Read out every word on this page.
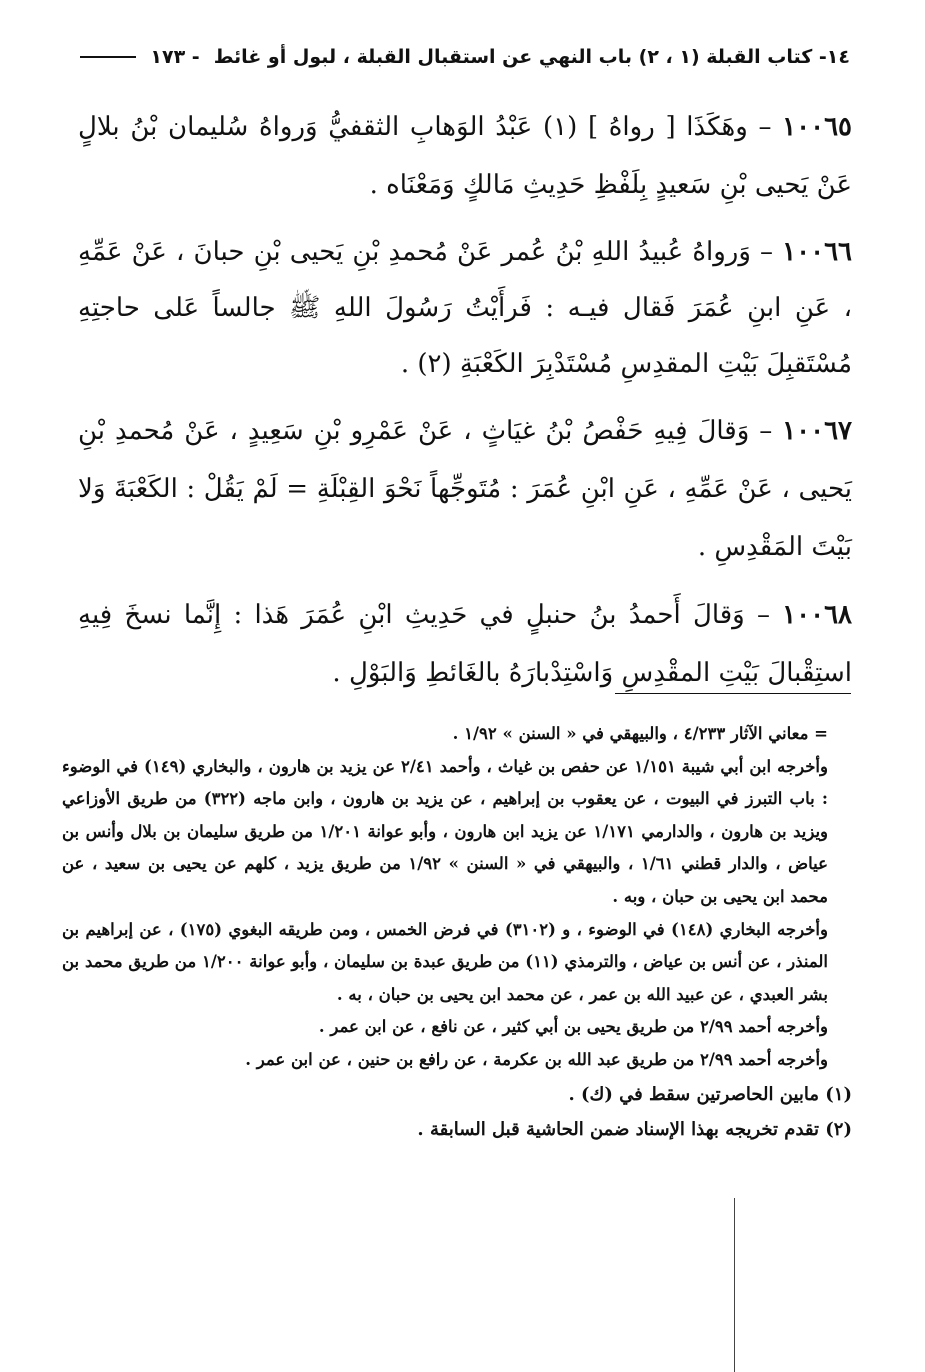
١٤- كتاب القبلة (١ ، ٢) باب النهي عن استقبال القبلة ، لبول أو غائط
- ١٧٣

١٠٠٦٥ – وهَكَذَا [ رواهُ ] (١) عَبْدُ الوَهابِ الثقفيُّ وَرواهُ سُليمان بْنُ بلالٍ عَنْ يَحيى بْنِ سَعيدٍ بِلَفْظِ حَدِيثِ مَالكٍ وَمَعْنَاه .

١٠٠٦٦ – وَرواهُ عُبيدُ اللهِ بْنُ عُمر عَنْ مُحمدِ بْنِ يَحيى بْنِ حبانَ ، عَنْ عَمِّهِ ، عَنِ ابنِ عُمَرَ فَقال فيـه : فَرأَيْتُ رَسُولَ اللهِ ﷺ جالساً عَلى حاجتِهِ مُسْتَقبِلَ بَيْتِ المقدِسِ مُسْتَدْبِرَ الكَعْبَةِ (٢) .

١٠٠٦٧ – وَقالَ فِيهِ حَفْصُ بْنُ غيَاثٍ ، عَنْ عَمْرِو بْنِ سَعِيدٍ ، عَنْ مُحمدِ بْنِ يَحيى ، عَنْ عَمِّهِ ، عَنِ ابْنِ عُمَرَ : مُتَوجِّهاً نَحْوَ القِبْلَةِ = لَمْ يَقُلْ : الكَعْبَةَ وَلا بَيْتَ المَقْدِسِ .

١٠٠٦٨ – وَقالَ أَحمدُ بنُ حنبلٍ في حَدِيثِ ابْنِ عُمَرَ هَذا : إِنَّما نسخَ فِيهِ استِقْبالَ بَيْتِ المقْدِسِ وَاسْتِدْبارَهُ بالغَائطِ وَالبَوْلِ .

= معاني الآثار ٤/٢٣٣ ، والبيهقي في « السنن » ١/٩٢ .

وأخرجه ابن أبي شيبة ١/١٥١ عن حفص بن غياث ، وأحمد ٢/٤١ عن يزيد بن هارون ، والبخاري (١٤٩) في الوضوء : باب التبرز في البيوت ، عن يعقوب بن إبراهيم ، عن يزيد بن هارون ، وابن ماجه (٣٢٢) من طريق الأوزاعي ويزيد بن هارون ، والدارمي ١/١٧١ عن يزيد ابن هارون ، وأبو عوانة ١/٢٠١ من طريق سليمان بن بلال وأنس بن عياض ، والدار قطني ١/٦١ ، والبيهقي في « السنن » ١/٩٢ من طريق يزيد ، كلهم عن يحيى بن سعيد ، عن محمد ابن يحيى بن حبان ، وبه .

وأخرجه البخاري (١٤٨) في الوضوء ، و (٣١٠٢) في فرض الخمس ، ومن طريقه البغوي (١٧٥) ، عن إبراهيم بن المنذر ، عن أنس بن عياض ، والترمذي (١١) من طريق عبدة بن سليمان ، وأبو عوانة ١/٢٠٠ من طريق محمد بن بشر العبدي ، عن عبيد الله بن عمر ، عن محمد ابن يحيى بن حبان ، به .

وأخرجه أحمد ٢/٩٩ من طريق يحيى بن أبي كثير ، عن نافع ، عن ابن عمر .

وأخرجه أحمد ٢/٩٩ من طريق عبد الله بن عكرمة ، عن رافع بن حنين ، عن ابن عمر .

(١) مابين الحاصرتين سقط في (ك) .

(٢) تقدم تخريجه بهذا الإسناد ضمن الحاشية قبل السابقة .
